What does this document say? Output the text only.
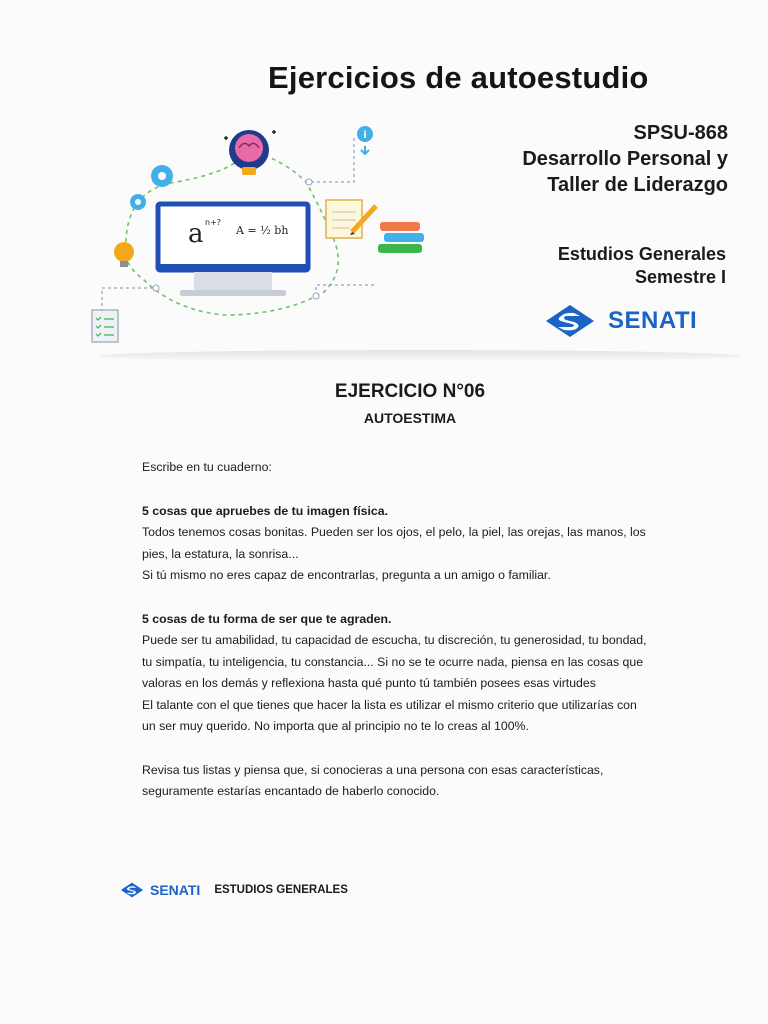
Ejercicios de autoestudio
a n+?
A = ½ bh
i	SPSU-868
Desarrollo Personal y
Taller de Liderazgo
Estudios Generales
Semestre I
SENATI
EJERCICIO N°06
AUTOESTIMA

Escribe en tu cuaderno:

5 cosas que apruebes de tu imagen física.

Todos tenemos cosas bonitas. Pueden ser los ojos, el pelo, la piel, las orejas, las manos, los

pies, la estatura, la sonrisa...

Si tú mismo no eres capaz de encontrarlas, pregunta a un amigo o familiar.

5 cosas de tu forma de ser que te agraden.

Puede ser tu amabilidad, tu capacidad de escucha, tu discreción, tu generosidad, tu bondad,

tu simpatía, tu inteligencia, tu constancia... Si no se te ocurre nada, piensa en las cosas que

valoras en los demás y reflexiona hasta qué punto tú también posees esas virtudes

El talante con el que tienes que hacer la lista es utilizar el mismo criterio que utilizarías con

un ser muy querido. No importa que al principio no te lo creas al 100%.

Revisa tus listas y piensa que, si conocieras a una persona con esas características,

seguramente estarías encantado de haberlo conocido.

SENATI ESTUDIOS GENERALES
